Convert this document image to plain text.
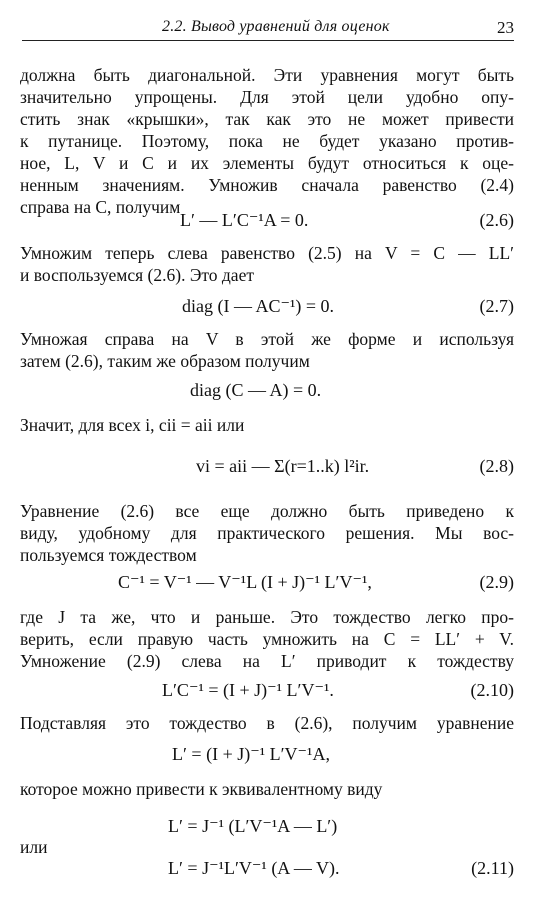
2.2. Вывод уравнений для оценок	23
должна быть диагональной. Эти уравнения могут быть
значительно упрощены. Для этой цели удобно опу-
стить знак «крышки», так как это не может привести
к путанице. Поэтому, пока не будет указано против-
ное, L, V и C и их элементы будут относиться к оце-
ненным значениям. Умножив сначала равенство (2.4)
справа на C, получим
L′ — L′C⁻¹A = 0.	(2.6)
Умножим теперь слева равенство (2.5) на V = C — LL′
и воспользуемся (2.6). Это дает
diag (I — AC⁻¹) = 0.	(2.7)
Умножая справа на V в этой же форме и используя
затем (2.6), таким же образом получим
diag (C — A) = 0.
Значит, для всех i, cii = aii или
vi = aii — Σ(r=1..k) l²ir.	(2.8)
Уравнение (2.6) все еще должно быть приведено к
виду, удобному для практического решения. Мы вос-
пользуемся тождеством
C⁻¹ = V⁻¹ — V⁻¹L (I + J)⁻¹ L′V⁻¹,	(2.9)
где J та же, что и раньше. Это тождество легко про-
верить, если правую часть умножить на C = LL′ + V.
Умножение (2.9) слева на L′ приводит к тождеству
L′C⁻¹ = (I + J)⁻¹ L′V⁻¹.	(2.10)
Подставляя это тождество в (2.6), получим уравнение
L′ = (I + J)⁻¹ L′V⁻¹A,
которое можно привести к эквивалентному виду
L′ = J⁻¹ (L′V⁻¹A — L′)
или
L′ = J⁻¹L′V⁻¹ (A — V).	(2.11)
